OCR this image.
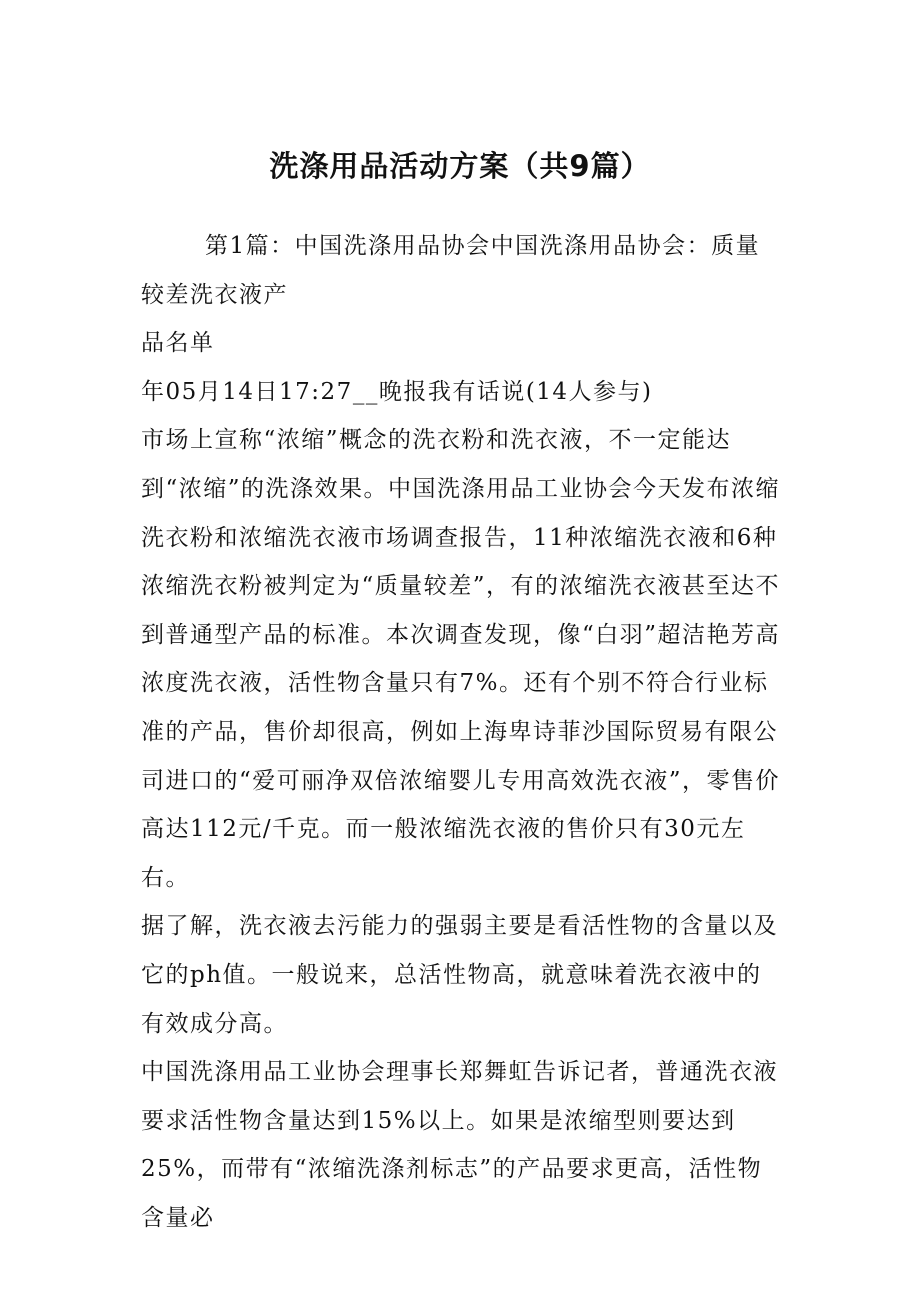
洗涤用品活动方案（共9篇）

第1篇：中国洗涤用品协会中国洗涤用品协会：质量较差洗衣液产

品名单

年05月14日17:27__晚报我有话说(14人参与)

市场上宣称“浓缩”概念的洗衣粉和洗衣液，不一定能达到“浓缩”的洗涤效果。中国洗涤用品工业协会今天发布浓缩洗衣粉和浓缩洗衣液市场调查报告，11种浓缩洗衣液和6种浓缩洗衣粉被判定为“质量较差”，有的浓缩洗衣液甚至达不到普通型产品的标准。本次调查发现，像“白羽”超洁艳芳高浓度洗衣液，活性物含量只有7%。还有个别不符合行业标准的产品，售价却很高，例如上海卑诗菲沙国际贸易有限公司进口的“爱可丽净双倍浓缩婴儿专用高效洗衣液”，零售价高达112元/千克。而一般浓缩洗衣液的售价只有30元左右。

据了解，洗衣液去污能力的强弱主要是看活性物的含量以及它的ph值。一般说来，总活性物高，就意味着洗衣液中的有效成分高。

中国洗涤用品工业协会理事长郑舞虹告诉记者，普通洗衣液要求活性物含量达到15%以上。如果是浓缩型则要达到25%，而带有“浓缩洗涤剂标志”的产品要求更高，活性物含量必
